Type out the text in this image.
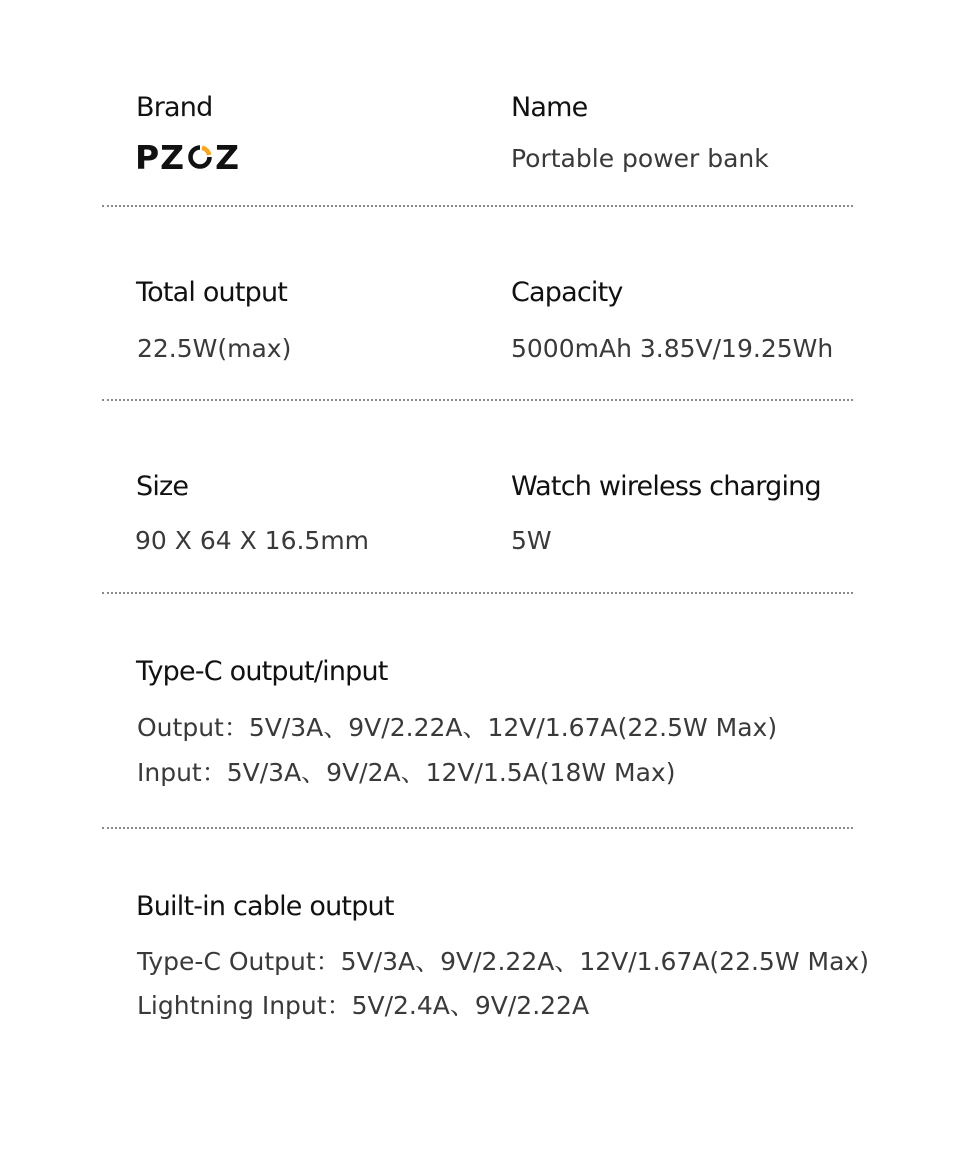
Brand
PZ Z
Name
Portable power bank
Total output
22.5W(max)
Capacity
5000mAh 3.85V/19.25Wh
Size
90 X 64 X 16.5mm
Watch wireless charging
5W
Type-C output/input
Output：5V/3A、9V/2.22A、12V/1.67A(22.5W Max)
Input：5V/3A、9V/2A、12V/1.5A(18W Max)
Built-in cable output
Type-C Output：5V/3A、9V/2.22A、12V/1.67A(22.5W Max)
Lightning Input：5V/2.4A、9V/2.22A
